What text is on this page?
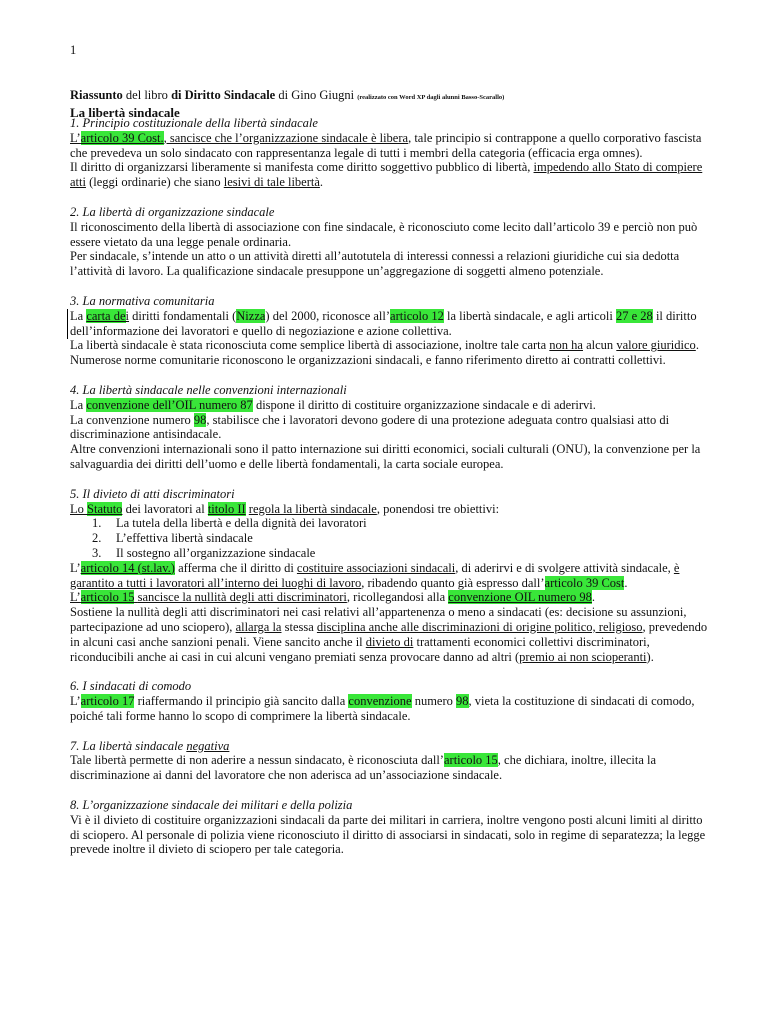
1
Riassunto del libro di Diritto Sindacale di Gino Giugni (realizzato con Word XP dagli alunni Basso-Scarallo)
La libertà sindacale
1. Principio costituzionale della libertà sindacale

L’articolo 39 Cost., sancisce che l’organizzazione sindacale è libera, tale principio si contrappone a quello corporativo fascista che prevedeva un solo sindacato con rappresentanza legale di tutti i membri della categoria (efficacia erga omnes).

Il diritto di organizzarsi liberamente si manifesta come diritto soggettivo pubblico di libertà, impedendo allo Stato di compiere atti (leggi ordinarie) che siano lesivi di tale libertà.

2. La libertà di organizzazione sindacale

Il riconoscimento della libertà di associazione con fine sindacale, è riconosciuto come lecito dall’articolo 39 e perciò non può essere vietato da una legge penale ordinaria.

Per sindacale, s’intende un atto o un attività diretti all’autotutela di interessi connessi a relazioni giuridiche cui sia dedotta l’attività di lavoro. La qualificazione sindacale presuppone un’aggregazione di soggetti almeno potenziale.

3. La normativa comunitaria

La carta dei diritti fondamentali (Nizza) del 2000, riconosce all’articolo 12 la libertà sindacale, e agli articoli 27 e 28 il diritto dell’informazione dei lavoratori e quello di negoziazione e azione collettiva.

La libertà sindacale è stata riconosciuta come semplice libertà di associazione, inoltre tale carta non ha alcun valore giuridico.

Numerose norme comunitarie riconoscono le organizzazioni sindacali, e fanno riferimento diretto ai contratti collettivi.

4. La libertà sindacale nelle convenzioni internazionali

La convenzione dell’OIL numero 87 dispone il diritto di costituire organizzazione sindacale e di aderirvi.

La convenzione numero 98, stabilisce che i lavoratori devono godere di una protezione adeguata contro qualsiasi atto di discriminazione antisindacale.

Altre convenzioni internazionali sono il patto internazione sui diritti economici, sociali culturali (ONU), la convenzione per la salvaguardia dei diritti dell’uomo e delle libertà fondamentali, la carta sociale europea.

5. Il divieto di atti discriminatori

Lo Statuto dei lavoratori al titolo II regola la libertà sindacale, ponendosi tre obiettivi:

1. La tutela della libertà e della dignità dei lavoratori
2. L’effettiva libertà sindacale
3. Il sostegno all’organizzazione sindacale

L’articolo 14 (st.lav.) afferma che il diritto di costituire associazioni sindacali, di aderirvi e di svolgere attività sindacale, è garantito a tutti i lavoratori all’interno dei luoghi di lavoro, ribadendo quanto già espresso dall’articolo 39 Cost.

L’articolo 15 sancisce la nullità degli atti discriminatori, ricollegandosi alla convenzione OIL numero 98.

Sostiene la nullità degli atti discriminatori nei casi relativi all’appartenenza o meno a sindacati (es: decisione su assunzioni, partecipazione ad uno sciopero), allarga la stessa disciplina anche alle discriminazioni di origine politico, religioso, prevedendo in alcuni casi anche sanzioni penali. Viene sancito anche il divieto di trattamenti economici collettivi discriminatori, riconducibili anche ai casi in cui alcuni vengano premiati senza provocare danno ad altri (premio ai non scioperanti).

6. I sindacati di comodo

L’articolo 17 riaffermando il principio già sancito dalla convenzione numero 98, vieta la costituzione di sindacati di comodo, poiché tali forme hanno lo scopo di comprimere la libertà sindacale.

7. La libertà sindacale negativa

Tale libertà permette di non aderire a nessun sindacato, è riconosciuta dall’articolo 15, che dichiara, inoltre, illecita la discriminazione ai danni del lavoratore che non aderisca ad un’associazione sindacale.

8. L’organizzazione sindacale dei militari e della polizia

Vi è il divieto di costituire organizzazioni sindacali da parte dei militari in carriera, inoltre vengono posti alcuni limiti al diritto di sciopero. Al personale di polizia viene riconosciuto il diritto di associarsi in sindacati, solo in regime di separatezza; la legge prevede inoltre il divieto di sciopero per tale categoria.
